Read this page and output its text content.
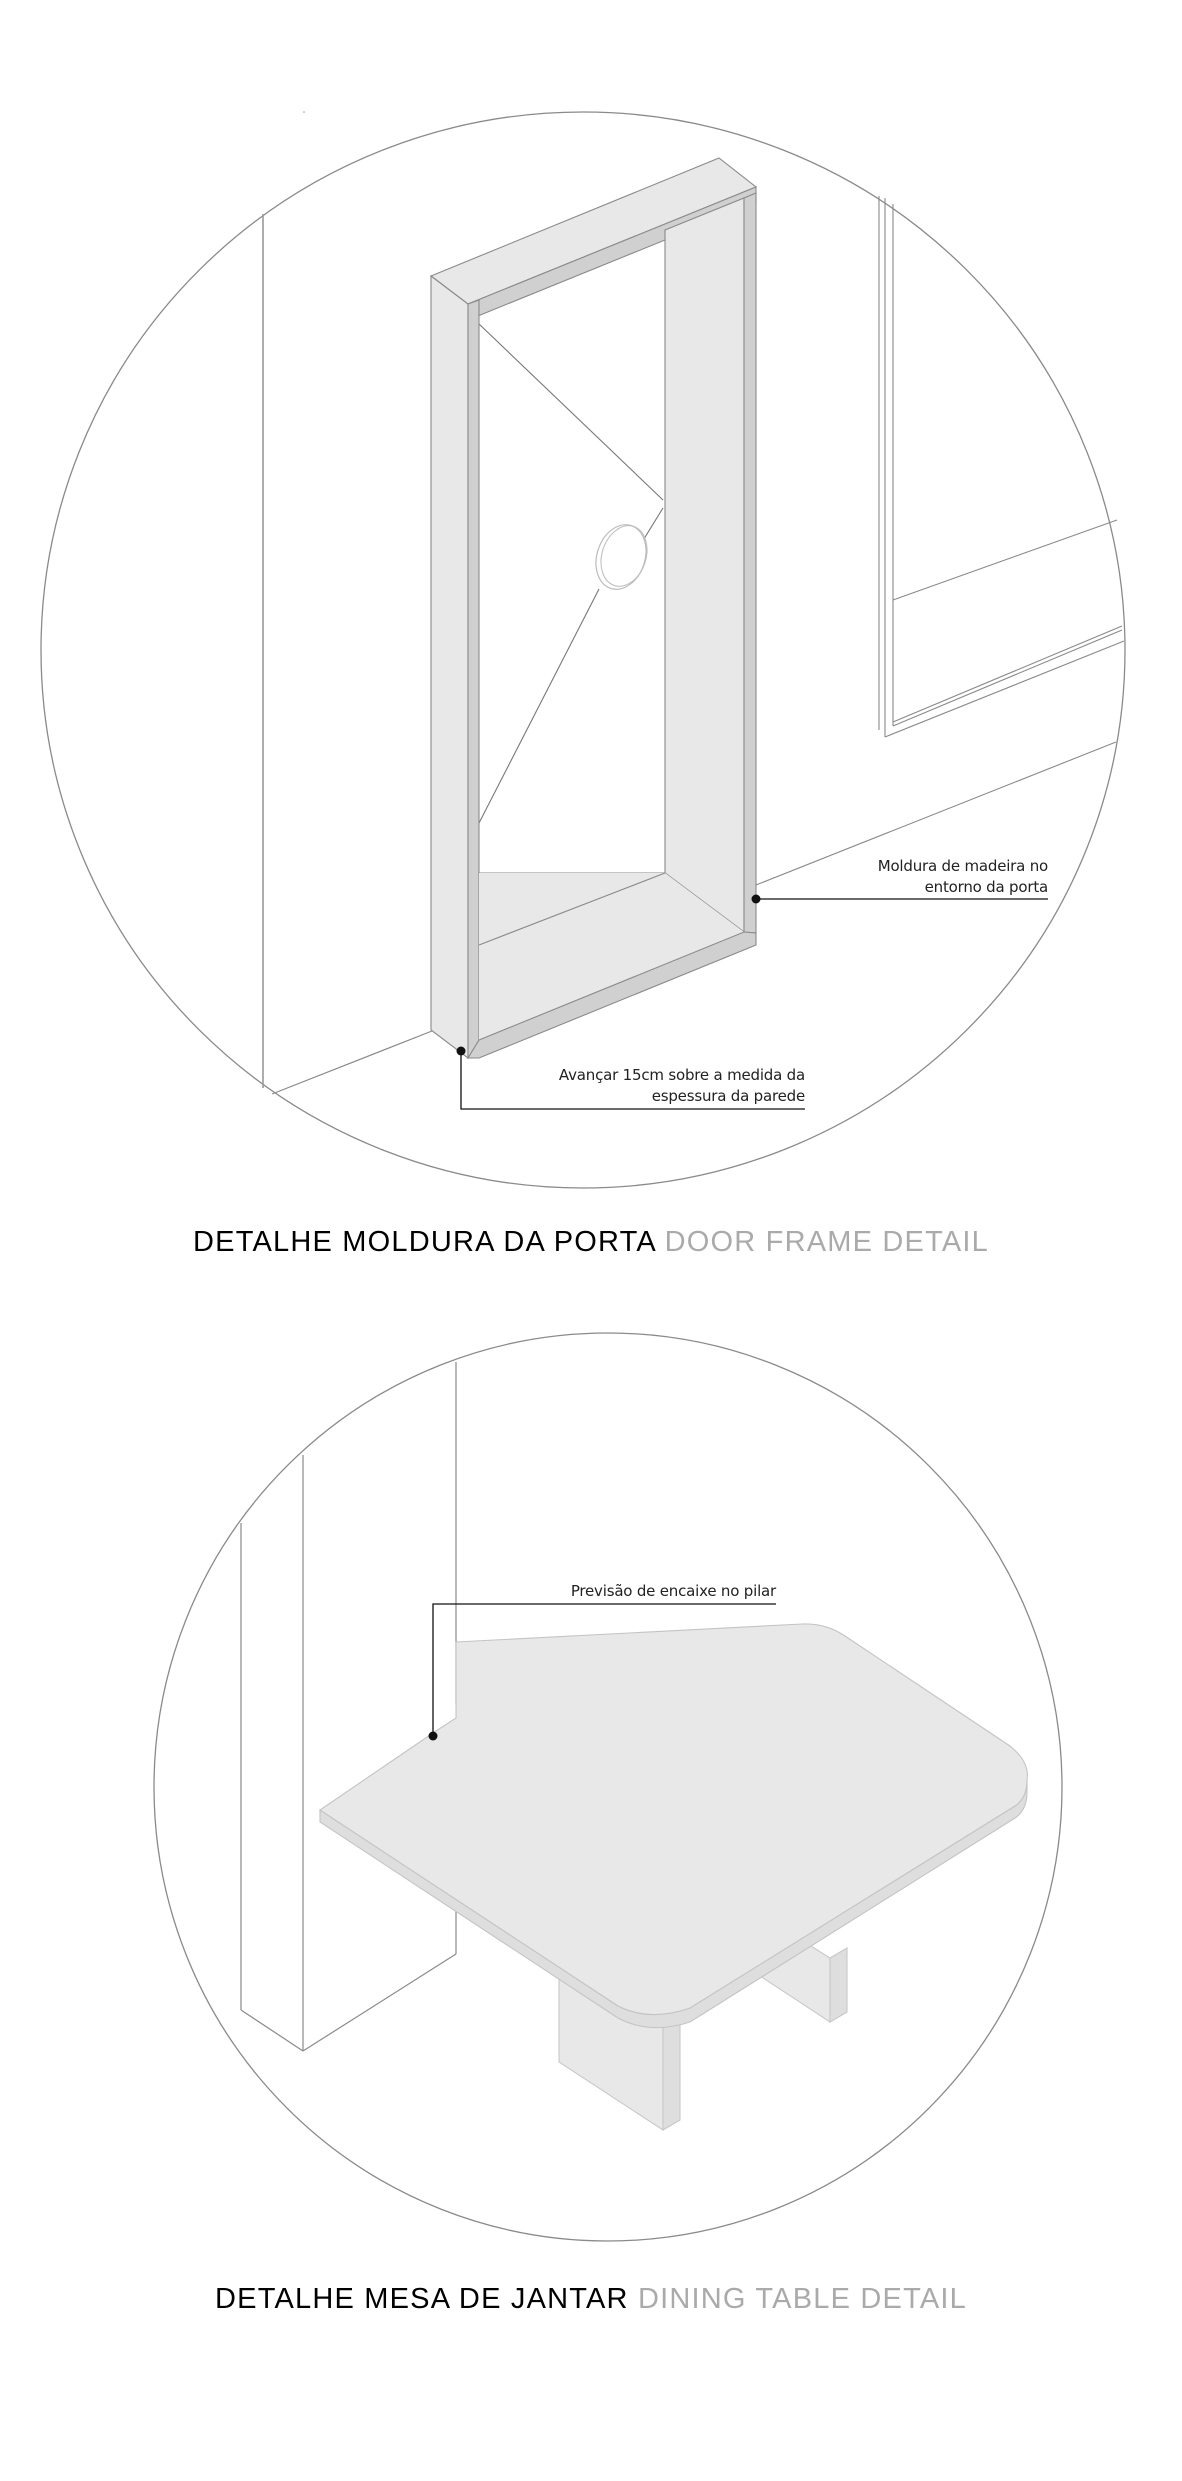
Moldura de madeira no
entorno da porta
Avançar 15cm sobre a medida da
espessura da parede
DETALHE MOLDURA DA PORTA DOOR FRAME DETAIL
Previsão de encaixe no pilar
DETALHE MESA DE JANTAR DINING TABLE DETAIL
